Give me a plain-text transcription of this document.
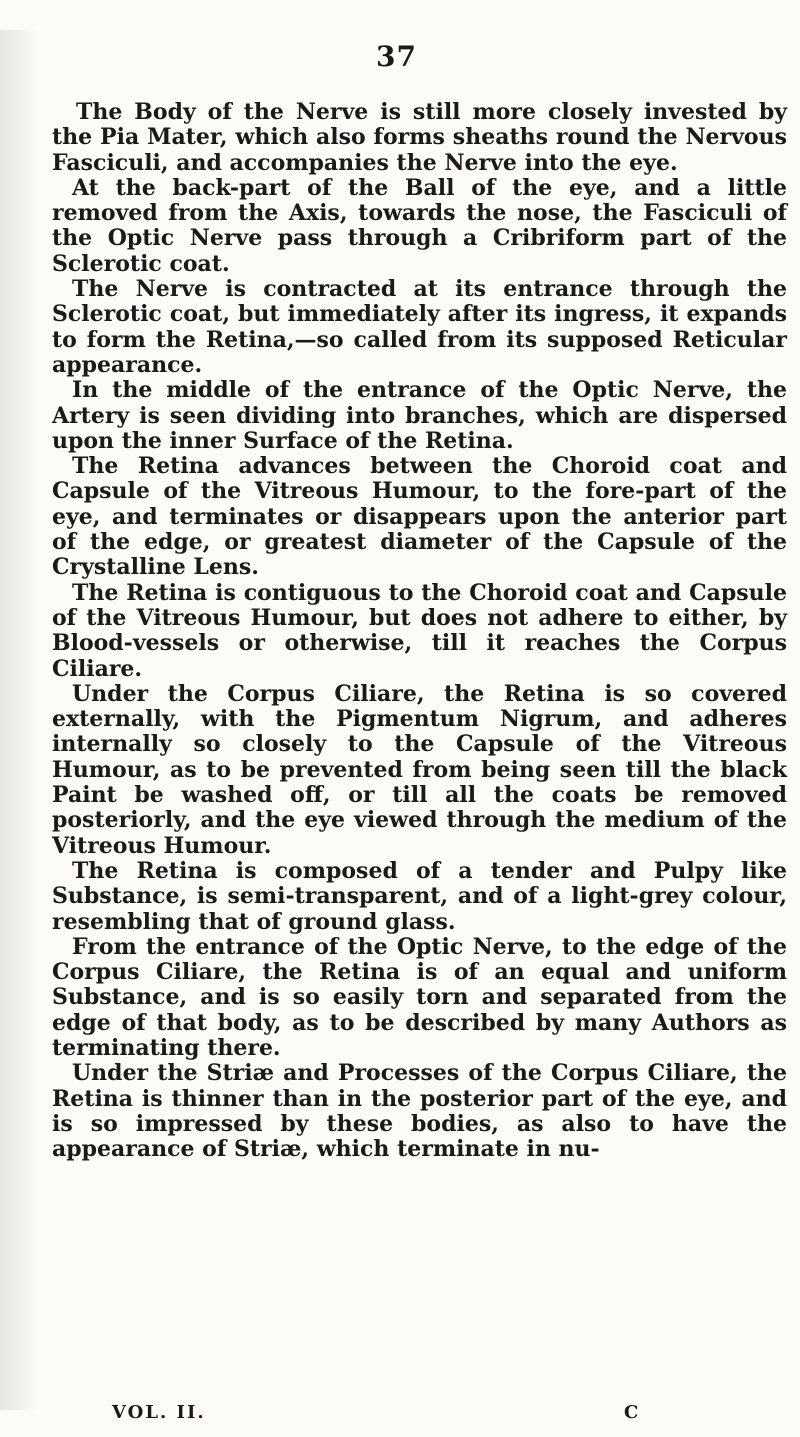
37

The Body of the Nerve is still more closely invested by the Pia Mater, which also forms sheaths round the Nervous Fasciculi, and accompanies the Nerve into the eye.

At the back-part of the Ball of the eye, and a little removed from the Axis, towards the nose, the Fasciculi of the Optic Nerve pass through a Cribriform part of the Sclerotic coat.

The Nerve is contracted at its entrance through the Sclerotic coat, but immediately after its ingress, it expands to form the Retina,—so called from its supposed Reticular appearance.

In the middle of the entrance of the Optic Nerve, the Artery is seen dividing into branches, which are dispersed upon the inner Surface of the Retina.

The Retina advances between the Choroid coat and Capsule of the Vitreous Humour, to the fore-part of the eye, and terminates or disappears upon the anterior part of the edge, or greatest diameter of the Capsule of the Crystalline Lens.

The Retina is contiguous to the Choroid coat and Capsule of the Vitreous Humour, but does not adhere to either, by Blood-vessels or otherwise, till it reaches the Corpus Ciliare.

Under the Corpus Ciliare, the Retina is so covered externally, with the Pigmentum Nigrum, and adheres internally so closely to the Capsule of the Vitreous Humour, as to be prevented from being seen till the black Paint be washed off, or till all the coats be removed posteriorly, and the eye viewed through the medium of the Vitreous Humour.

The Retina is composed of a tender and Pulpy like Substance, is semi-transparent, and of a light-grey colour, resembling that of ground glass.

From the entrance of the Optic Nerve, to the edge of the Corpus Ciliare, the Retina is of an equal and uniform Substance, and is so easily torn and separated from the edge of that body, as to be described by many Authors as terminating there.

Under the Striæ and Processes of the Corpus Ciliare, the Retina is thinner than in the posterior part of the eye, and is so impressed by these bodies, as also to have the appearance of Striæ, which terminate in nu-

VOL. II.	C
